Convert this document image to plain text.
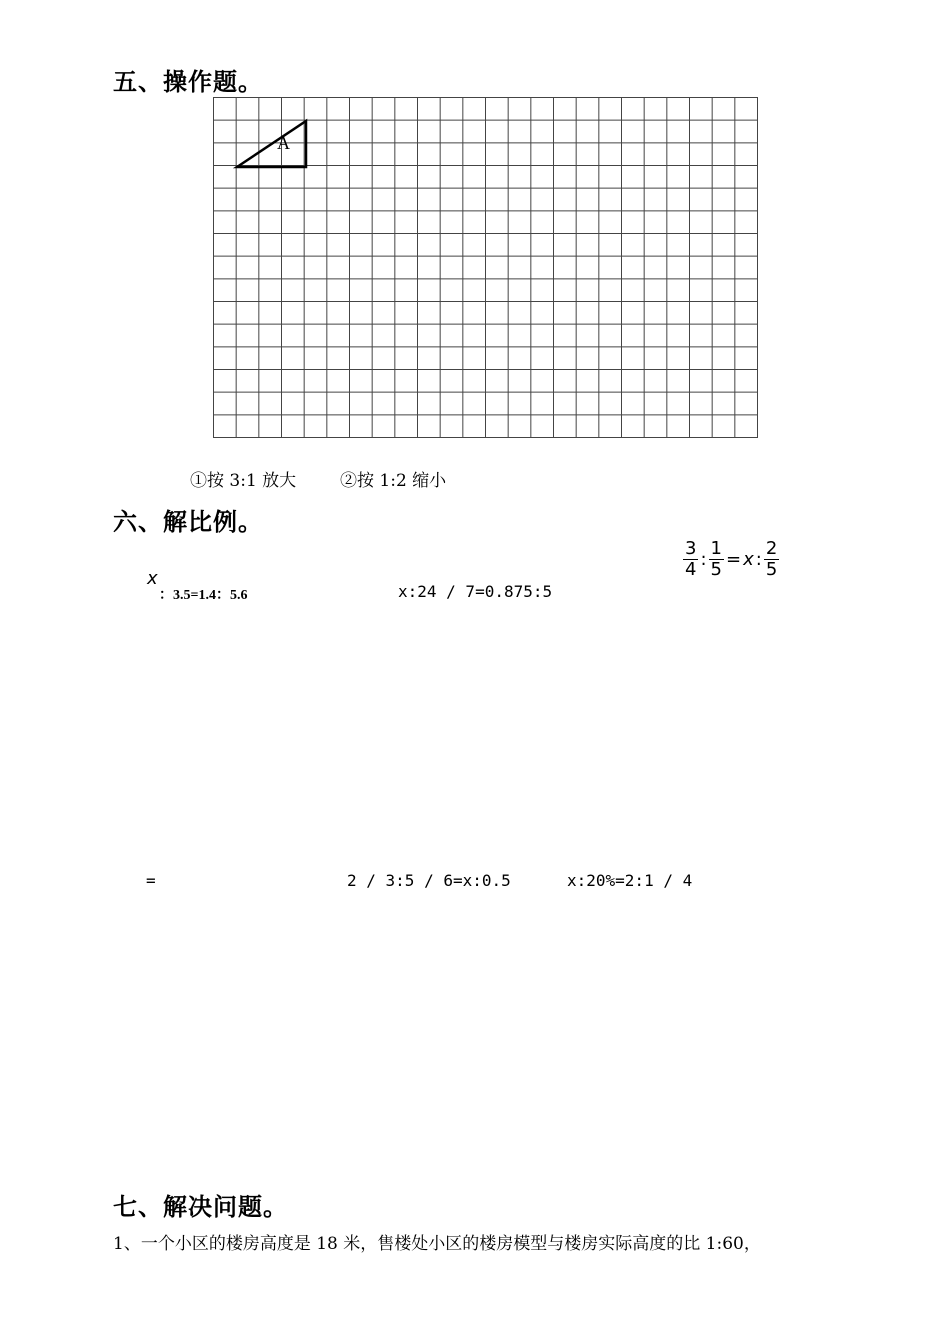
五、操作题。
A
①按 3:1 放大	②按 1:2 缩小
六、解比例。
x
：3.5=1.4：5.6	x:24 / 7=0.875:5
$\frac{3}{4}$ : $\frac{1}{5} = x$ : $\frac{2}{5}$
=	2 / 3:5 / 6=x:0.5	x:20%=2:1 / 4
七、解决问题。
1、一个小区的楼房高度是 18 米，售楼处小区的楼房模型与楼房实际高度的比 1:60，
